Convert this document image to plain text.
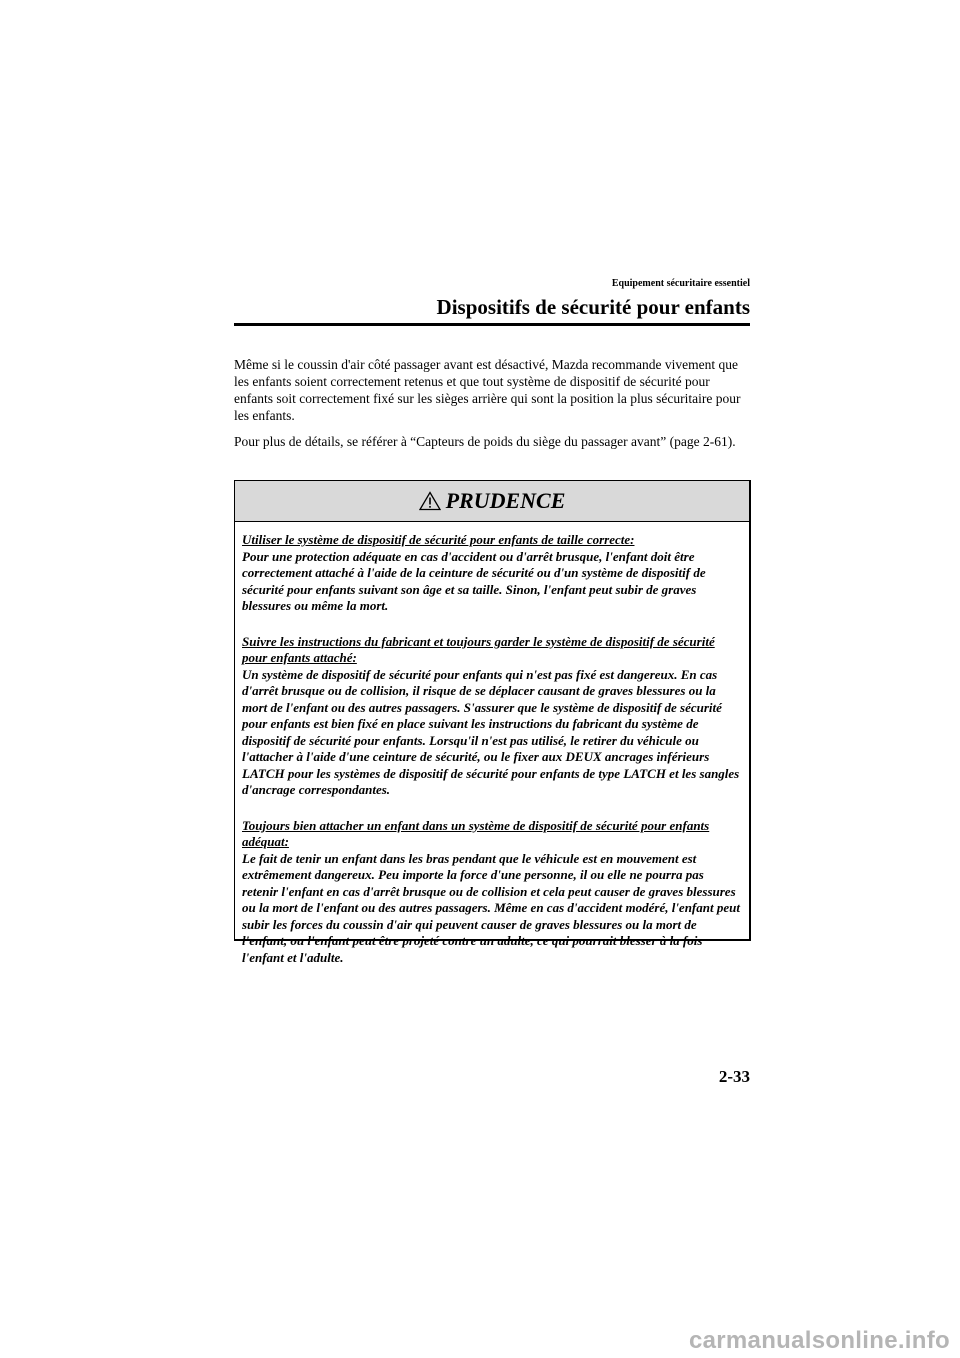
Equipement sécuritaire essentiel
Dispositifs de sécurité pour enfants

Même si le coussin d'air côté passager avant est désactivé, Mazda recommande vivement que les enfants soient correctement retenus et que tout système de dispositif de sécurité pour enfants soit correctement fixé sur les sièges arrière qui sont la position la plus sécuritaire pour les enfants.

Pour plus de détails, se référer à “Capteurs de poids du siège du passager avant” (page 2-61).

PRUDENCE
Utiliser le système de dispositif de sécurité pour enfants de taille correcte:
Pour une protection adéquate en cas d'accident ou d'arrêt brusque, l'enfant doit être correctement attaché à l'aide de la ceinture de sécurité ou d'un système de dispositif de sécurité pour enfants suivant son âge et sa taille. Sinon, l'enfant peut subir de graves blessures ou même la mort.
Suivre les instructions du fabricant et toujours garder le système de dispositif de sécurité pour enfants attaché:
Un système de dispositif de sécurité pour enfants qui n'est pas fixé est dangereux. En cas d'arrêt brusque ou de collision, il risque de se déplacer causant de graves blessures ou la mort de l'enfant ou des autres passagers. S'assurer que le système de dispositif de sécurité pour enfants est bien fixé en place suivant les instructions du fabricant du système de dispositif de sécurité pour enfants. Lorsqu'il n'est pas utilisé, le retirer du véhicule ou l'attacher à l'aide d'une ceinture de sécurité, ou le fixer aux DEUX ancrages inférieurs LATCH pour les systèmes de dispositif de sécurité pour enfants de type LATCH et les sangles d'ancrage correspondantes.
Toujours bien attacher un enfant dans un système de dispositif de sécurité pour enfants adéquat:
Le fait de tenir un enfant dans les bras pendant que le véhicule est en mouvement est extrêmement dangereux. Peu importe la force d'une personne, il ou elle ne pourra pas retenir l'enfant en cas d'arrêt brusque ou de collision et cela peut causer de graves blessures ou la mort de l'enfant ou des autres passagers. Même en cas d'accident modéré, l'enfant peut subir les forces du coussin d'air qui peuvent causer de graves blessures ou la mort de l'enfant, ou l'enfant peut être projeté contre un adulte, ce qui pourrait blesser à la fois l'enfant et l'adulte.
2-33
carmanualsonline.info
